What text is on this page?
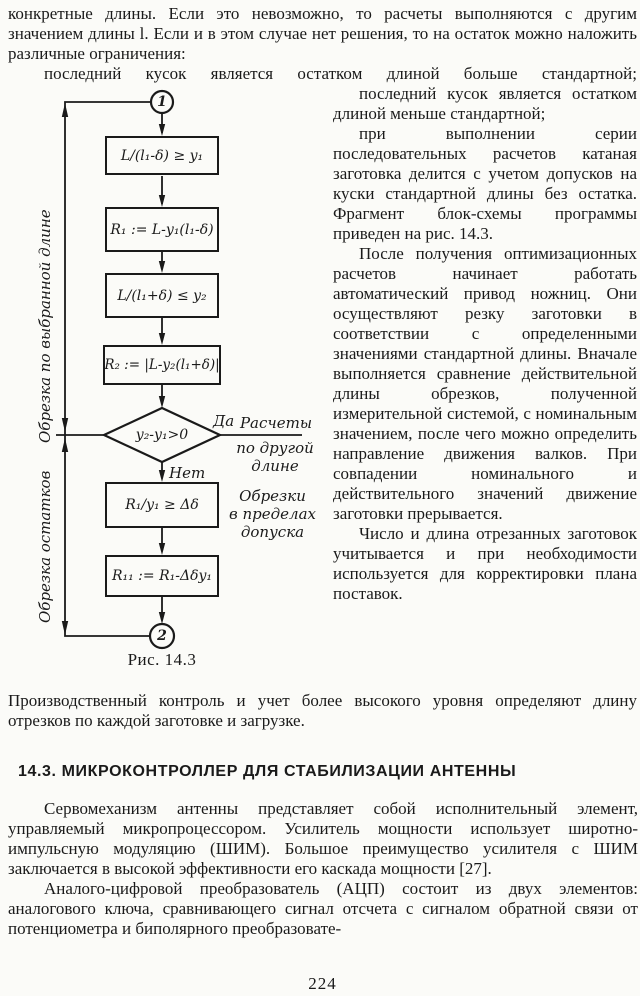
конкретные длины. Если это невозможно, то расчеты выполняются с другим значением длины l. Если и в этом случае нет решения, то на остаток можно наложить различные ограничения:

последний кусок является остатком длиной больше стандартной;

последний кусок является остатком длиной меньше стандартной;

при выполнении серии последовательных расчетов катаная заготовка делится с учетом допусков на куски стандартной длины без остатка. Фрагмент блок-схемы программы приведен на рис. 14.3.

После получения оптимизационных расчетов начинает работать автоматический привод ножниц. Они осуществляют резку заготовки в соответствии с определенными значениями стандартной длины. Вначале выполняется сравнение действительной длины обрезков, полученной измерительной системой, с номинальным значением, после чего можно определить направление движения валков. При совпадении номинального и действительного значений движение заготовки прерывается.

Число и длина отрезанных заготовок учитывается и при необходимости используется для корректировки плана поставок.

1
2
L/(l₁-δ) ≥ y₁
R₁ := L-y₁(l₁-δ)
L/(l₁+δ) ≤ y₂
R₂ := |L-y₂(l₁+δ)|
R₁/y₁ ≥ Δδ
R₁₁ := R₁-Δδy₁
y₂-y₁>0
Да
Нет
Расчеты
по другой длине
Обрезки
в пределах
допуска
Обрезка по выбранной длине
Обрезка остатков
Рис. 14.3

Производственный контроль и учет более высокого уровня определяют длину отрезков по каждой заготовке и загрузке.

14.3. МИКРОКОНТРОЛЛЕР ДЛЯ СТАБИЛИЗАЦИИ АНТЕННЫ

Сервомеханизм антенны представляет собой исполнительный элемент, управляемый микропроцессором. Усилитель мощности использует широтно-импульсную модуляцию (ШИМ). Большое преимущество усилителя с ШИМ заключается в высокой эффективности его каскада мощности [27].

Аналого-цифровой преобразователь (АЦП) состоит из двух элементов: аналогового ключа, сравнивающего сигнал отсчета с сигналом обратной связи от потенциометра и биполярного преобразовате-

224
